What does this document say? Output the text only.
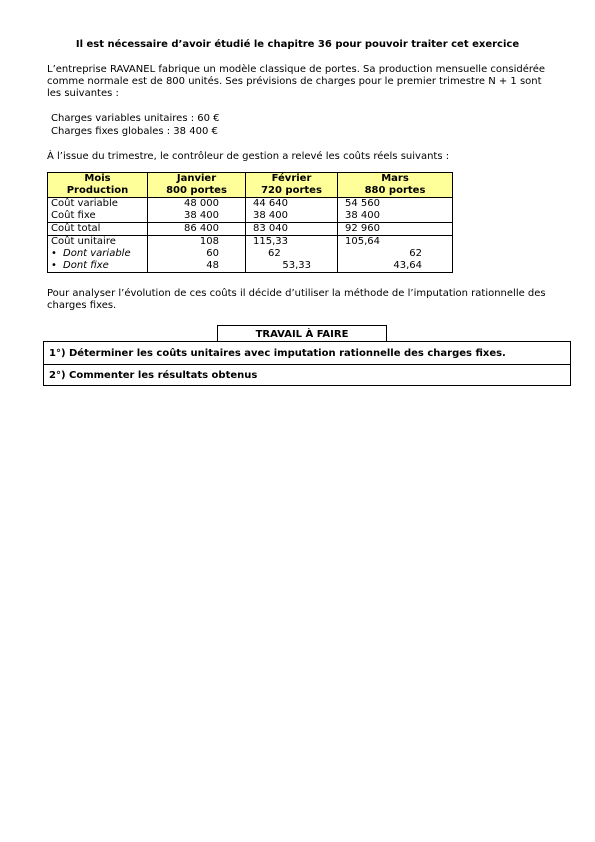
Il est nécessaire d’avoir étudié le chapitre 36 pour pouvoir traiter cet exercice
L’entreprise RAVANEL fabrique un modèle classique de portes. Sa production mensuelle considérée
comme normale est de 800 unités. Ses prévisions de charges pour le premier trimestre N + 1 sont
les suivantes :
Charges variables unitaires : 60 €
Charges fixes globales : 38 400 €
À l’issue du trimestre, le contrôleur de gestion a relevé les coûts réels suivants :
Mois	Janvier	Février	Mars
Production	800 portes	720 portes	880 portes
Coût variable	48 000	44 640	54 560
Coût fixe	38 400	38 400	38 400
Coût total	86 400	83 040	92 960
Coût unitaire	108	115,33	105,64
• Dont variable	60	62	62
• Dont fixe	48	53,33	43,64
Pour analyser l’évolution de ces coûts il décide d’utiliser la méthode de l’imputation rationnelle des
charges fixes.
TRAVAIL À FAIRE
1°) Déterminer les coûts unitaires avec imputation rationnelle des charges fixes.
2°) Commenter les résultats obtenus
